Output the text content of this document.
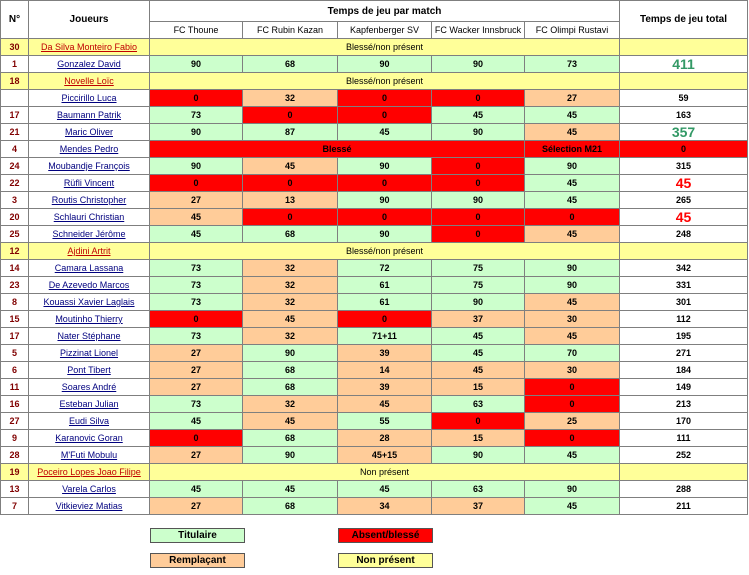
N°	Joueurs	Temps de jeu par match					Temps de jeu total
		FC Thoune	FC Rubin Kazan	Kapfenberger SV	FC Wacker Innsbruck	FC Olimpi Rustavi	
30	Da Silva Monteiro Fabio	Blessé/non présent					
1	Gonzalez David	90	68	90	90	73	411
18	Novelle Loïc	Blessé/non présent					
	Piccirillo Luca	0	32	0	0	27	59
17	Baumann Patrik	73	0	0	45	45	163
21	Maric Oliver	90	87	45	90	45	357
4	Mendes Pedro	Blessé				Sélection M21	0
24	Moubandje François	90	45	90	0	90	315
22	Rüfli Vincent	0	0	0	0	45	45
3	Routis Christopher	27	13	90	90	45	265
20	Schlauri Christian	45	0	0	0	0	45
25	Schneider Jérôme	45	68	90	0	45	248
12	Ajdini Artrit	Blessé/non présent					
14	Camara Lassana	73	32	72	75	90	342
23	De Azevedo Marcos	73	32	61	75	90	331
8	Kouassi Xavier Laglais	73	32	61	90	45	301
15	Moutinho Thierry	0	45	0	37	30	112
17	Nater Stéphane	73	32	71+11	45	45	195
5	Pizzinat Lionel	27	90	39	45	70	271
6	Pont Tibert	27	68	14	45	30	184
11	Soares André	27	68	39	15	0	149
16	Esteban Julian	73	32	45	63	0	213
27	Eudi Silva	45	45	55	0	25	170
9	Karanovic Goran	0	68	28	15	0	111
28	M'Futi Mobulu	27	90	45+15	90	45	252
19	Poceiro Lopes Joao Filipe	Non présent					
13	Varela Carlos	45	45	45	63	90	288
7	Vitkieviez Matias	27	68	34	37	45	211
Titulaire	Absent/blessé
Remplaçant	Non présent
